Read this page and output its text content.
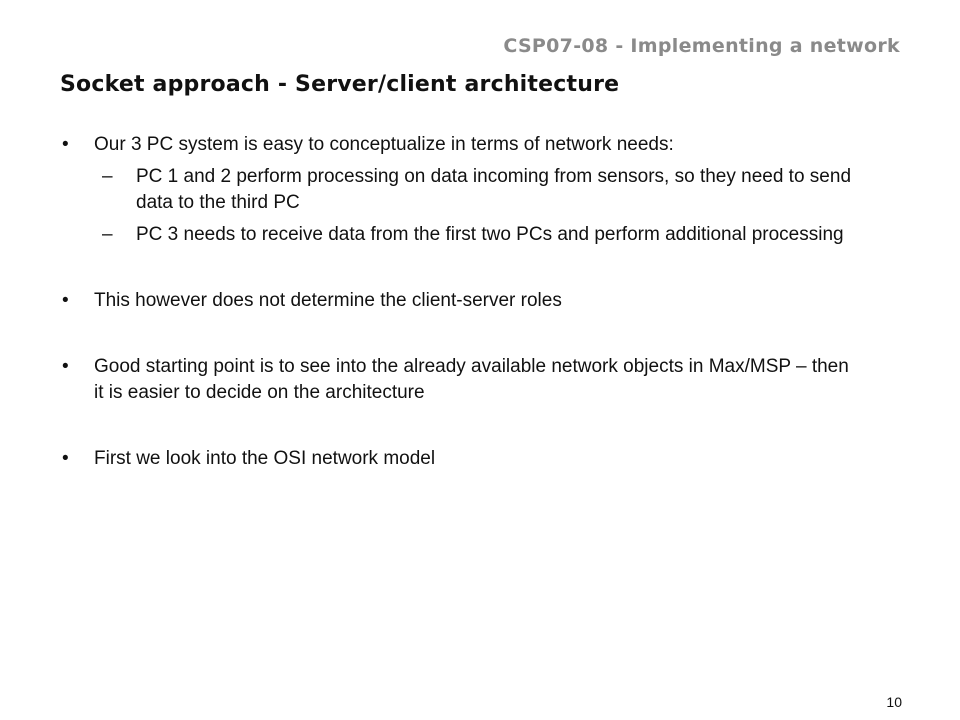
CSP07-08 - Implementing a network
Socket approach - Server/client architecture
• Our 3 PC system is easy to conceptualize in terms of network needs:
– PC 1 and 2 perform processing on data incoming from sensors, so they need to send data to the third PC
– PC 3 needs to receive data from the first two PCs and perform additional processing
• This however does not determine the client-server roles
• Good starting point is to see into the already available network objects in Max/MSP – then it is easier to decide on the architecture
• First we look into the OSI network model
10
